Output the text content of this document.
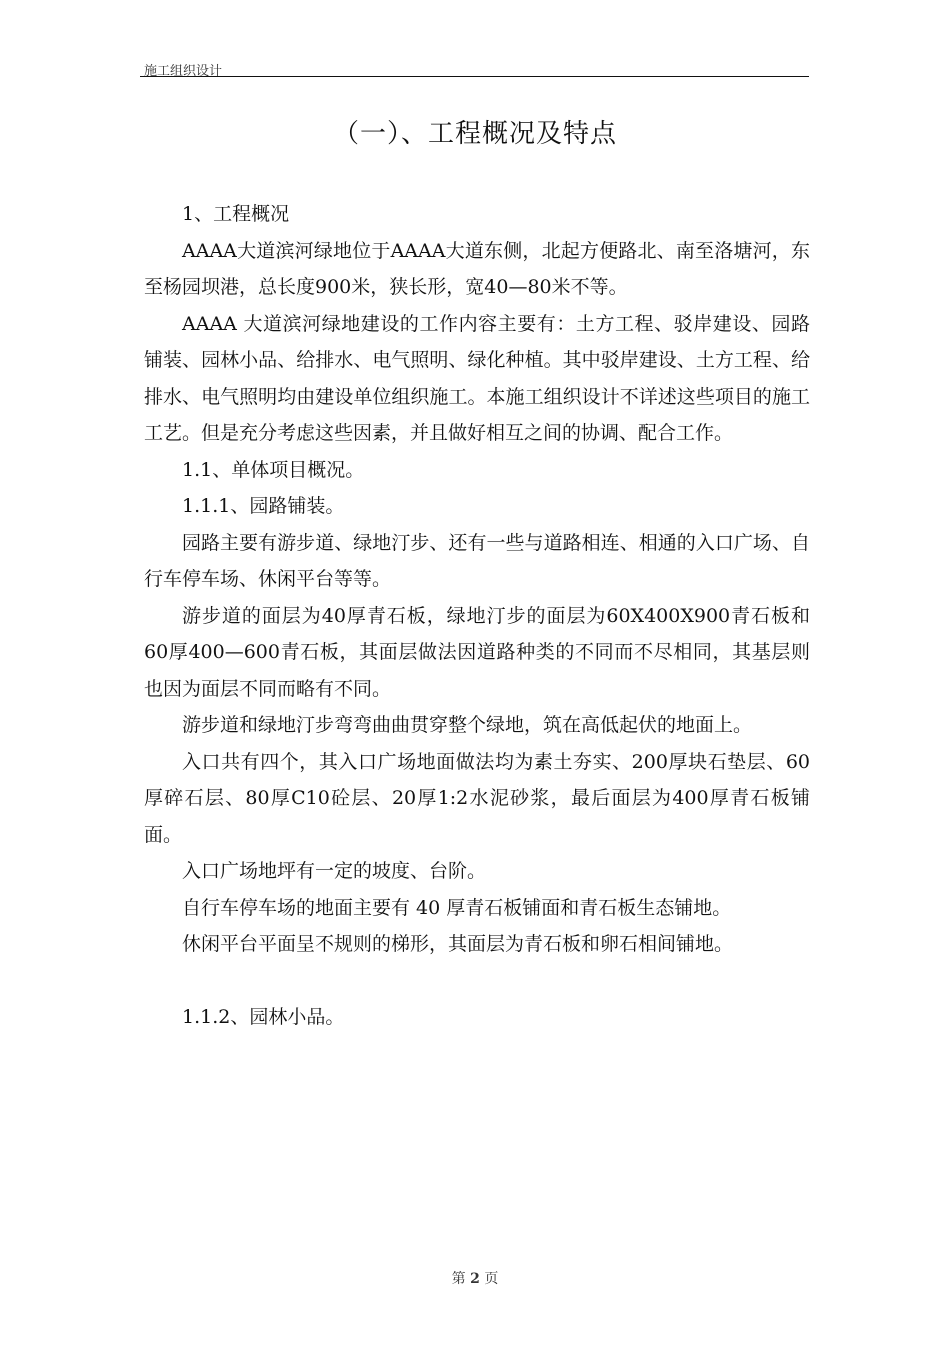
施工组织设计
（一）、工程概况及特点

1、工程概况

AAAA大道滨河绿地位于AAAA大道东侧，北起方便路北、南至洛塘河，东至杨园坝港，总长度900米，狭长形，宽40—80米不等。

AAAA 大道滨河绿地建设的工作内容主要有：土方工程、驳岸建设、园路铺装、园林小品、给排水、电气照明、绿化种植。其中驳岸建设、土方工程、给排水、电气照明均由建设单位组织施工。本施工组织设计不详述这些项目的施工工艺。但是充分考虑这些因素，并且做好相互之间的协调、配合工作。

1.1、单体项目概况。

1.1.1、园路铺装。

园路主要有游步道、绿地汀步、还有一些与道路相连、相通的入口广场、自行车停车场、休闲平台等等。

游步道的面层为40厚青石板，绿地汀步的面层为60X400X900青石板和60厚400—600青石板，其面层做法因道路种类的不同而不尽相同，其基层则也因为面层不同而略有不同。

游步道和绿地汀步弯弯曲曲贯穿整个绿地，筑在高低起伏的地面上。

入口共有四个，其入口广场地面做法均为素土夯实、200厚块石垫层、60厚碎石层、80厚C10砼层、20厚1:2水泥砂浆，最后面层为400厚青石板铺面。

入口广场地坪有一定的坡度、台阶。

自行车停车场的地面主要有 40 厚青石板铺面和青石板生态铺地。

休闲平台平面呈不规则的梯形，其面层为青石板和卵石相间铺地。

1.1.2、园林小品。

第 2 页
